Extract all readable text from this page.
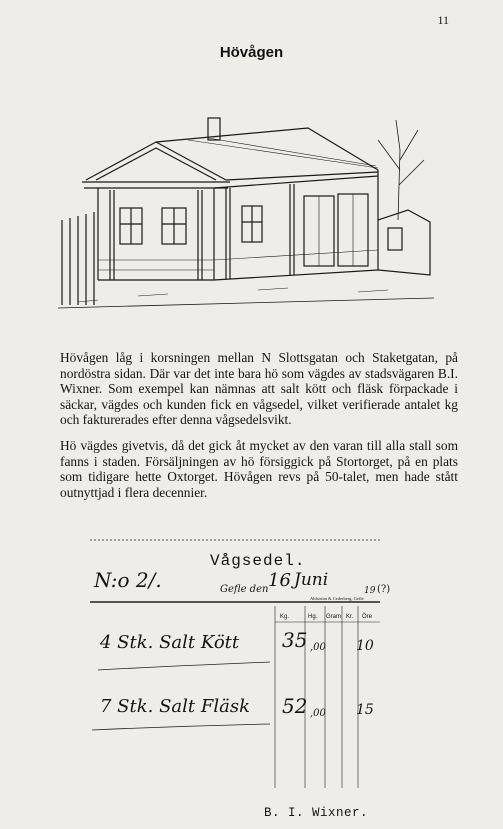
11
Hövågen

Hövågen låg i korsningen mellan N Slottsgatan och Staketgatan, på nordöstra sidan. Där var det inte bara hö som vägdes av stadsvägaren B.I. Wixner. Som exempel kan nämnas att salt kött och fläsk förpackade i säckar, vägdes och kunden fick en vågsedel, vilket verifierade antalet kg och fakturerades efter denna vågsedelsvikt.

Hö vägdes givetvis, då det gick åt mycket av den varan till alla stall som fanns i staden. Försäljningen av hö försiggick på Stortorget, på en plats som tidigare hette Oxtorget. Hövågen revs på 50-talet, men hade stått outnyttjad i flera decennier.

Vågsedel.
N:o 2/.	Gefle den 16 Juni
19 (?)
Ahlström & Cederberg, Gefle
Kg.	Hg. Gram Kr. Öre
4 Stk. Salt Kött 35 ,00 10
7 Stk. Salt Fläsk 52 ,00 15
B. I. Wixner.
